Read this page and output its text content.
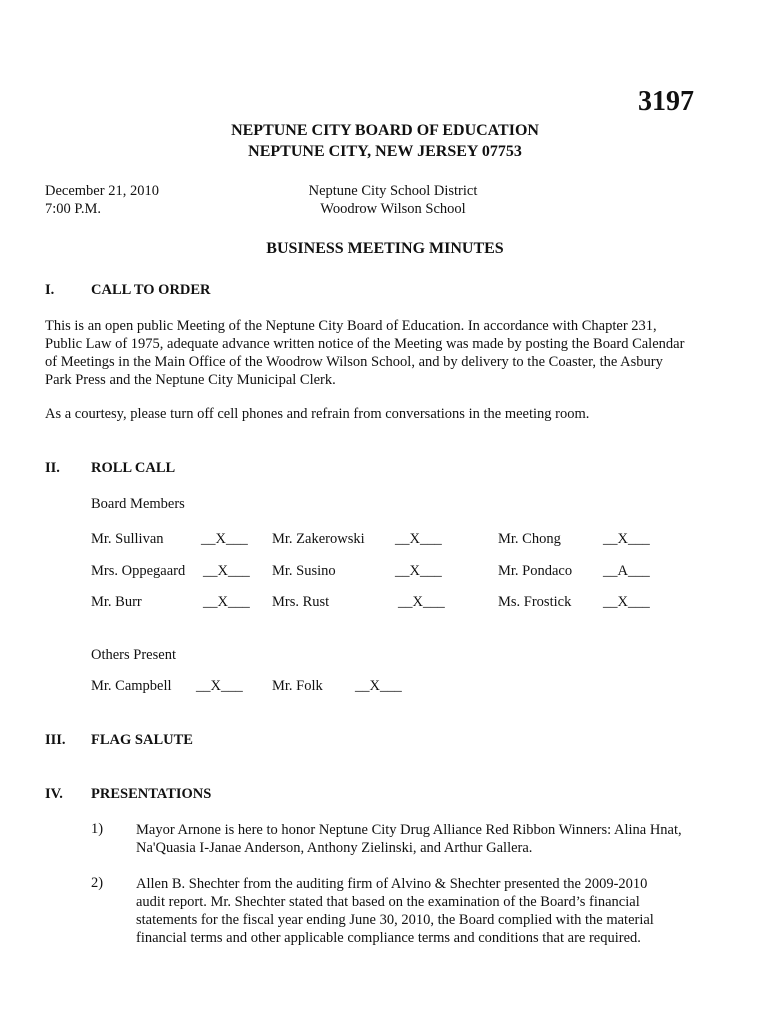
3197
NEPTUNE CITY BOARD OF EDUCATION
NEPTUNE CITY, NEW JERSEY 07753
December 21, 2010
7:00 P.M.
Neptune City School District
Woodrow Wilson School
BUSINESS MEETING MINUTES
I.	CALL TO ORDER
This is an open public Meeting of the Neptune City Board of Education. In accordance with Chapter 231,
Public Law of 1975, adequate advance written notice of the Meeting was made by posting the Board Calendar
of Meetings in the Main Office of the Woodrow Wilson School, and by delivery to the Coaster, the Asbury
Park Press and the Neptune City Municipal Clerk.
As a courtesy, please turn off cell phones and refrain from conversations in the meeting room.
II. ROLL CALL
Board Members
Mr. Sullivan	__X___ Mr. Zakerowski __X___	Mr. Chong	__X___
Mrs. Oppegaard __X___ Mr. Susino	__X___	Mr. Pondaco __A___
Mr. Burr	__X___ Mrs. Rust	__X___	Ms. Frostick __X___
Others Present
Mr. Campbell __X___ Mr. Folk __X___
III. FLAG SALUTE
IV. PRESENTATIONS
1) Mayor Arnone is here to honor Neptune City Drug Alliance Red Ribbon Winners: Alina Hnat,
Na'Quasia I-Janae Anderson, Anthony Zielinski, and Arthur Gallera.
2) Allen B. Shechter from the auditing firm of Alvino & Shechter presented the 2009-2010
audit report. Mr. Shechter stated that based on the examination of the Board’s financial
statements for the fiscal year ending June 30, 2010, the Board complied with the material
financial terms and other applicable compliance terms and conditions that are required.
